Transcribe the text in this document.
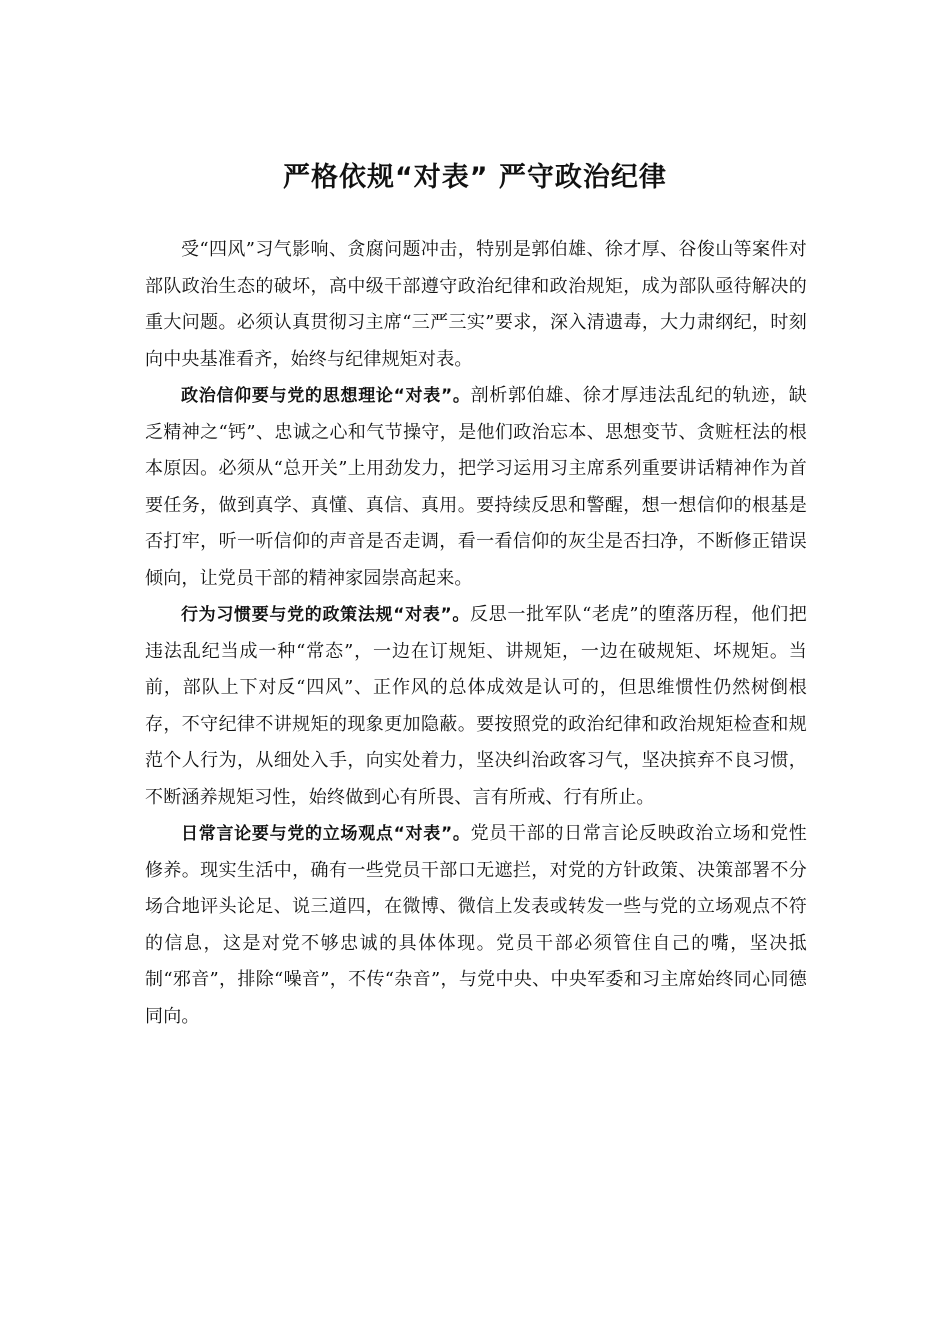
严格依规“对表” 严守政治纪律

受“四风”习气影响、贪腐问题冲击，特别是郭伯雄、徐才厚、谷俊山等案件对部队政治生态的破坏，高中级干部遵守政治纪律和政治规矩，成为部队亟待解决的重大问题。必须认真贯彻习主席“三严三实”要求，深入清遗毒，大力肃纲纪，时刻向中央基准看齐，始终与纪律规矩对表。

政治信仰要与党的思想理论“对表”。剖析郭伯雄、徐才厚违法乱纪的轨迹，缺乏精神之“钙”、忠诚之心和气节操守，是他们政治忘本、思想变节、贪赃枉法的根本原因。必须从“总开关”上用劲发力，把学习运用习主席系列重要讲话精神作为首要任务，做到真学、真懂、真信、真用。要持续反思和警醒，想一想信仰的根基是否打牢，听一听信仰的声音是否走调，看一看信仰的灰尘是否扫净，不断修正错误倾向，让党员干部的精神家园崇高起来。

行为习惯要与党的政策法规“对表”。反思一批军队“老虎”的堕落历程，他们把违法乱纪当成一种“常态”，一边在订规矩、讲规矩，一边在破规矩、坏规矩。当前，部队上下对反“四风”、正作风的总体成效是认可的，但思维惯性仍然树倒根存，不守纪律不讲规矩的现象更加隐蔽。要按照党的政治纪律和政治规矩检查和规范个人行为，从细处入手，向实处着力，坚决纠治政客习气，坚决摈弃不良习惯，不断涵养规矩习性，始终做到心有所畏、言有所戒、行有所止。

日常言论要与党的立场观点“对表”。党员干部的日常言论反映政治立场和党性修养。现实生活中，确有一些党员干部口无遮拦，对党的方针政策、决策部署不分场合地评头论足、说三道四，在微博、微信上发表或转发一些与党的立场观点不符的信息，这是对党不够忠诚的具体体现。党员干部必须管住自己的嘴，坚决抵制“邪音”，排除“噪音”，不传“杂音”，与党中央、中央军委和习主席始终同心同德同向。
